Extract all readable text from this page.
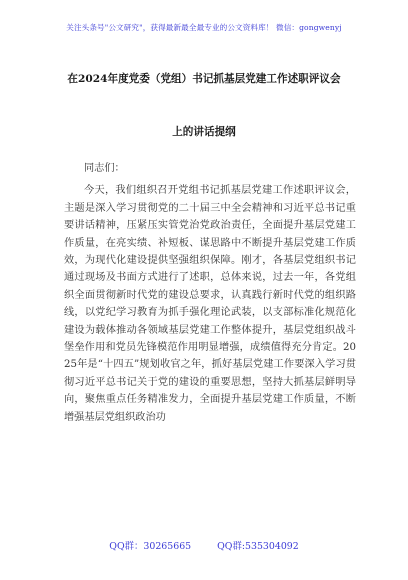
关注头条号"公文研究"，获得最新最全最专业的公文资料库！ 微信：gongwenyj
在2024年度党委（党组）书记抓基层党建工作述职评议会
上的讲话提纲

同志们：

今天，我们组织召开党组书记抓基层党建工作述职评议会，主题是深入学习贯彻党的二十届三中全会精神和习近平总书记重要讲话精神，压紧压实管党治党政治责任，全面提升基层党建工作质量，在亮实绩、补短板、谋思路中不断提升基层党建工作质效，为现代化建设提供坚强组织保障。刚才，各基层党组织书记通过现场及书面方式进行了述职，总体来说，过去一年，各党组织全面贯彻新时代党的建设总要求，认真践行新时代党的组织路线，以党纪学习教育为抓手强化理论武装，以支部标准化规范化建设为载体推动各领域基层党建工作整体提升，基层党组织战斗堡垒作用和党员先锋模范作用明显增强，成绩值得充分肯定。2025年是“十四五”规划收官之年，抓好基层党建工作要深入学习贯彻习近平总书记关于党的建设的重要思想，坚持大抓基层鲜明导向，聚焦重点任务精准发力，全面提升基层党建工作质量，不断增强基层党组织政治功

QQ群：30265665	QQ群:535304092
